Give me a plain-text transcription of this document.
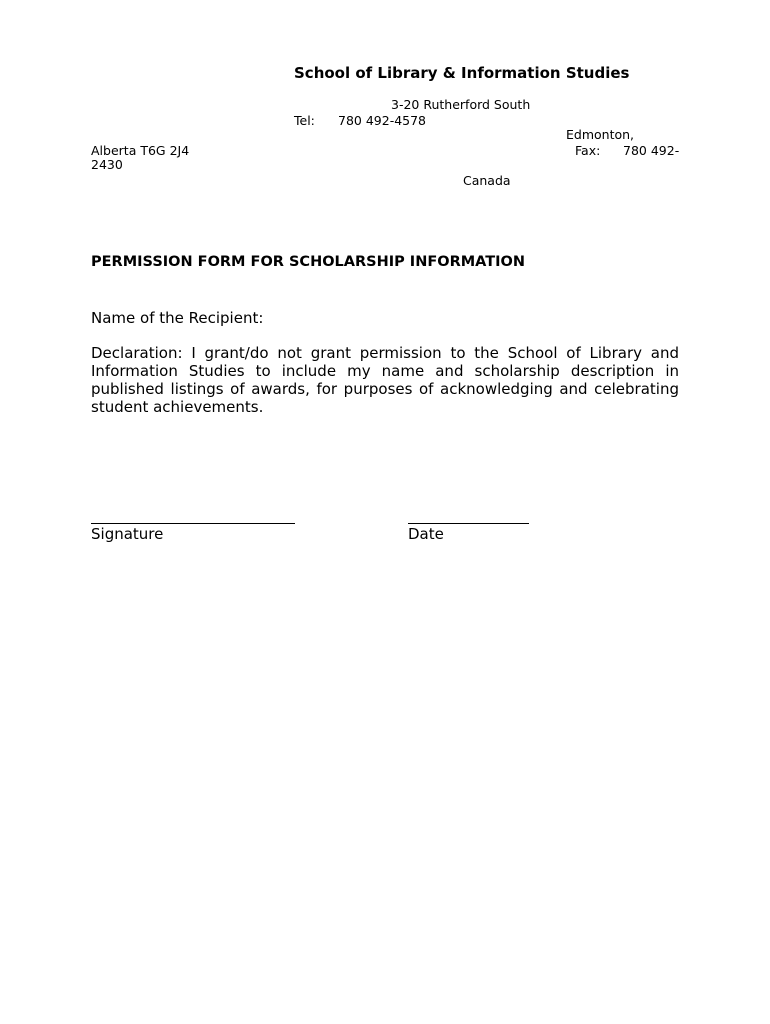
School of Library & Information Studies
3-20 Rutherford South
Tel: 780 492-4578
Edmonton,
Alberta T6G 2J4	Fax: 780 492-
2430
Canada
PERMISSION FORM FOR SCHOLARSHIP INFORMATION
Name of the Recipient:
Declaration: I grant/do not grant permission to the School of Library and Information Studies to include my name and scholarship description in published listings of awards, for purposes of acknowledging and celebrating student achievements.
Signature	Date
